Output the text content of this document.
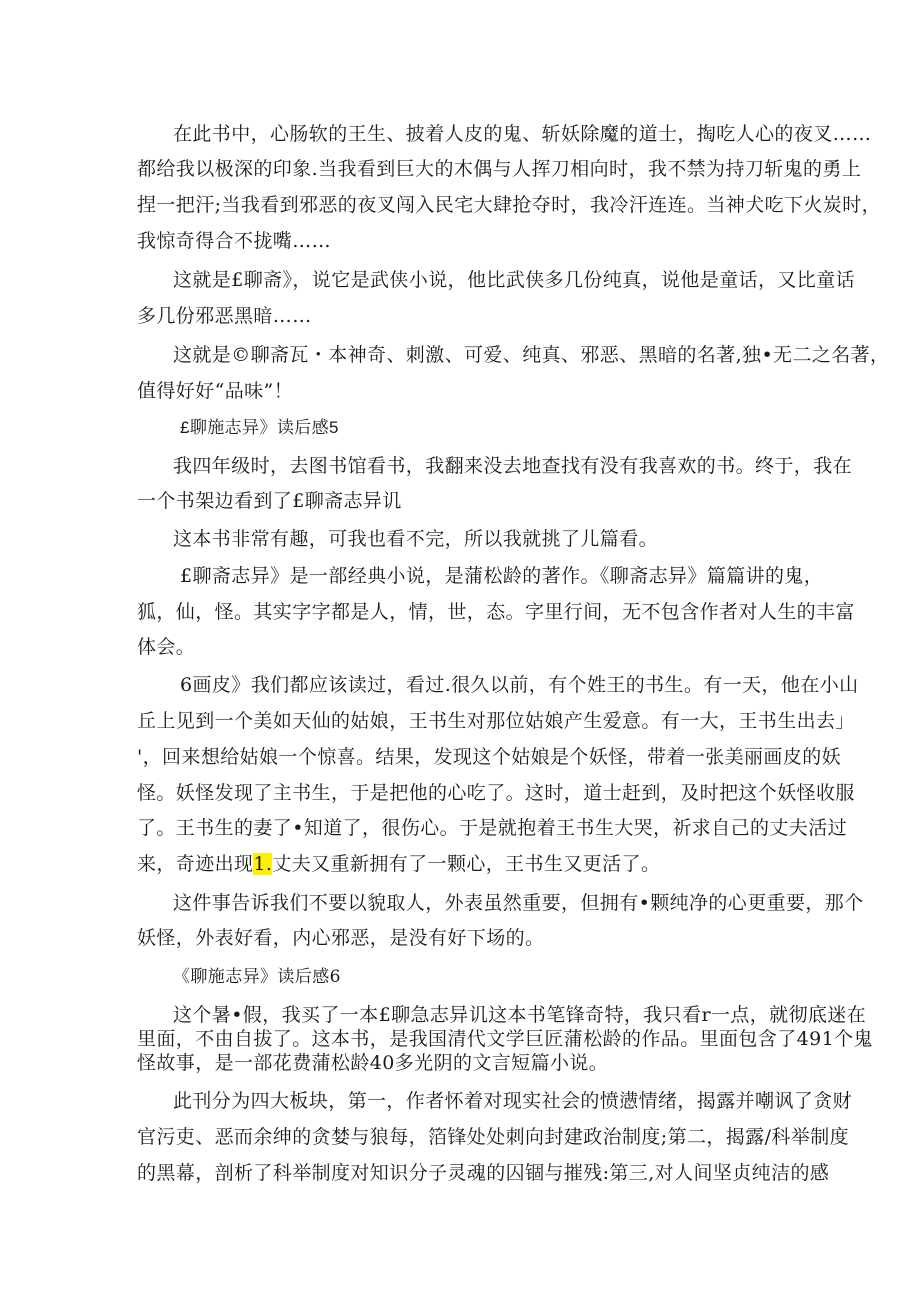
在此书中，心肠软的王生、披着人皮的鬼、斩妖除魔的道士，掏吃人心的夜叉……
都给我以极深的印象.当我看到巨大的木偶与人挥刀相向时，我不禁为持刀斩鬼的勇上
捏一把汗;当我看到邪恶的夜叉闯入民宅大肆抢夺时，我冷汗连连。当神犬吃下火炭时，
我惊奇得合不拢嘴……
这就是£聊斋》，说它是武侠小说，他比武侠多几份纯真，说他是童话，又比童话
多几份邪恶黑暗……
这就是©聊斋瓦・本神奇、刺激、可爱、纯真、邪恶、黑暗的名著,独•无二之名著，
值得好好“品味”！
£聊施志异》读后感5
我四年级时，去图书馆看书，我翻来没去地查找有没有我喜欢的书。终于，我在
一个书架边看到了£聊斋志异讥
这本书非常有趣，可我也看不完，所以我就挑了儿篇看。
£聊斋志异》是一部经典小说，是蒲松龄的著作。《聊斋志异》篇篇讲的鬼，
狐，仙，怪。其实字字都是人，情，世，态。字里行间，无不包含作者对人生的丰富
体会。
6画皮》我们都应该读过，看过.很久以前，有个姓王的书生。有一天，他在小山
丘上见到一个美如天仙的姑娘，王书生对那位姑娘产生爱意。有一大，王书生出去」
'，回来想给姑娘一个惊喜。结果，发现这个姑娘是个妖怪，带着一张美丽画皮的妖
怪。妖怪发现了主书生，于是把他的心吃了。这时，道士赶到，及时把这个妖怪收服
了。王书生的妻了•知道了，很伤心。于是就抱着王书生大哭，祈求自己的丈夫活过
来，奇迹出现1.丈夫又重新拥有了一颗心，王书生又更活了。
这件事告诉我们不要以貌取人，外表虽然重要，但拥有•颗纯净的心更重要，那个
妖怪，外表好看，内心邪恶，是没有好下场的。
《聊施志异》读后感6
这个暑•假，我买了一本£聊急志异讥这本书笔锋奇特，我只看r一点，就彻底迷在
里面，不由自拔了。这本书，是我国清代文学巨匠蒲松龄的作品。里面包含了491个鬼
怪故事，是一部花费蒲松龄40多光阴的文言短篇小说。
此刊分为四大板块，第一，作者怀着对现实社会的愤懑情绪，揭露并嘲讽了贪财
官污吏、恶而余绅的贪婪与狼每，箔锋处处刺向封建政治制度;第二，揭露/科举制度
的黑幕，剖析了科举制度对知识分子灵魂的囚锢与摧残:第三,对人间坚贞纯洁的感
